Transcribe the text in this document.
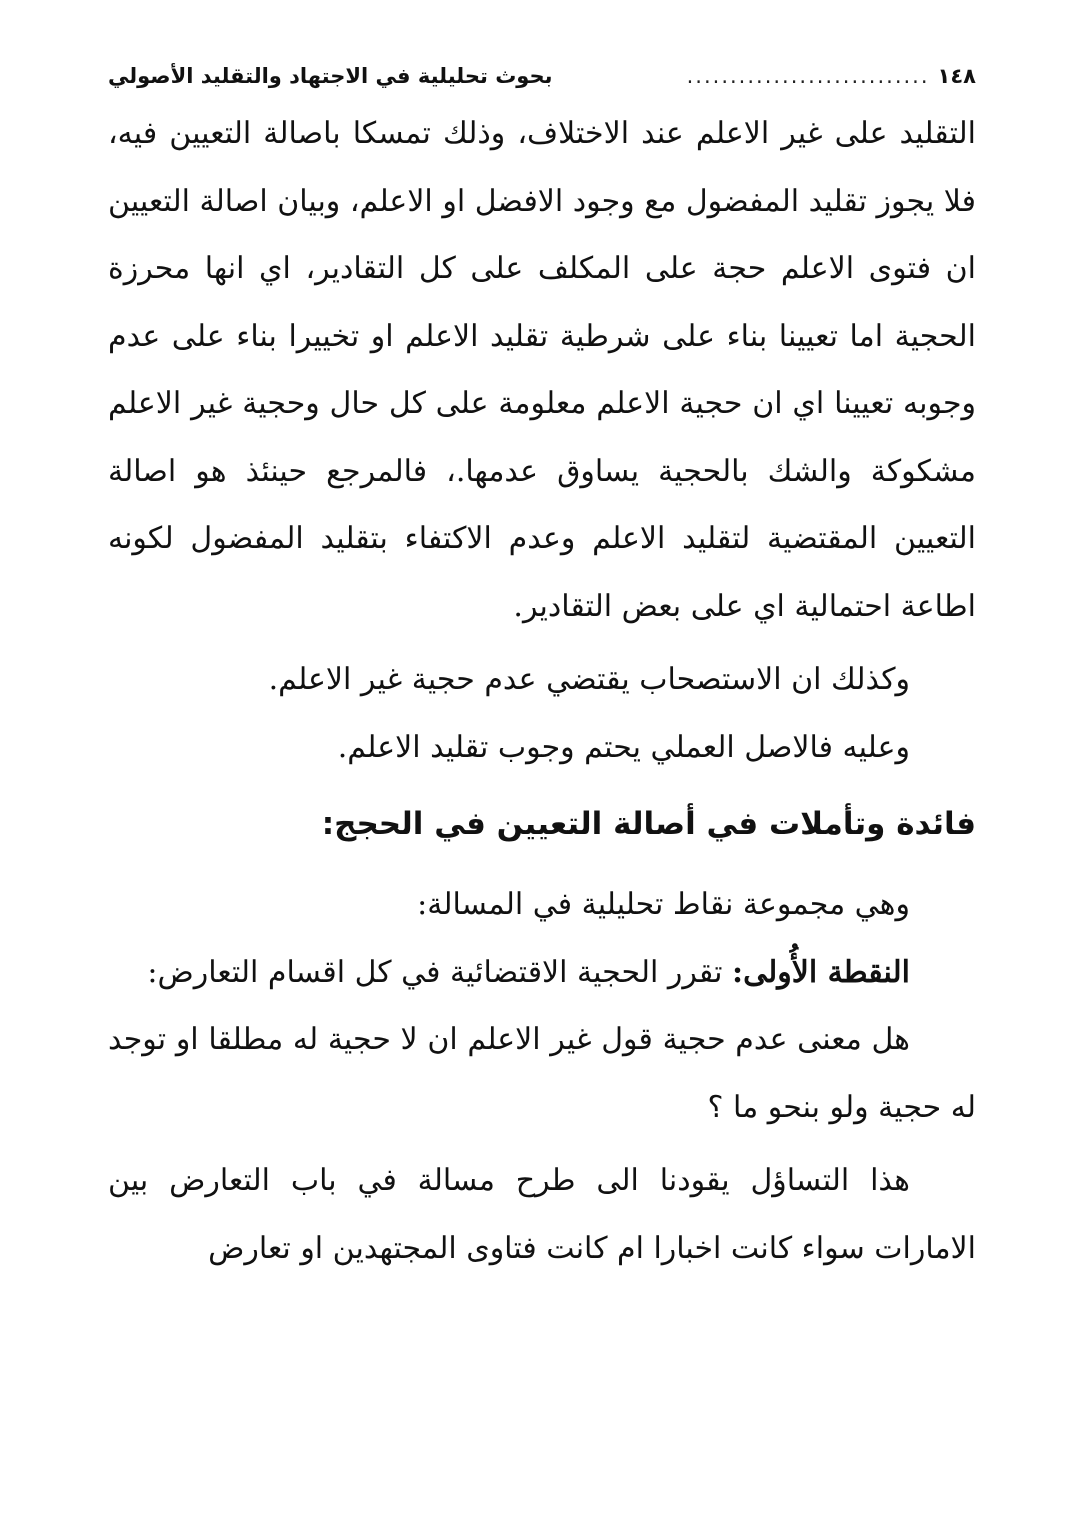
١٤٨
............................
بحوث تحليلية في الاجتهاد والتقليد الأصولي

التقليد على غير الاعلم عند الاختلاف، وذلك تمسكا باصالة التعيين فيه، فلا يجوز تقليد المفضول مع وجود الافضل او الاعلم، وبيان اصالة التعيين ان فتوى الاعلم حجة على المكلف على كل التقادير، اي انها محرزة الحجية اما تعيينا بناء على شرطية تقليد الاعلم او تخييرا بناء على عدم وجوبه تعيينا اي ان حجية الاعلم معلومة على كل حال وحجية غير الاعلم مشكوكة والشك بالحجية يساوق عدمها.، فالمرجع حينئذ هو اصالة التعيين المقتضية لتقليد الاعلم وعدم الاكتفاء بتقليد المفضول لكونه اطاعة احتمالية اي على بعض التقادير.

وكذلك ان الاستصحاب يقتضي عدم حجية غير الاعلم.

وعليه فالاصل العملي يحتم وجوب تقليد الاعلم.

فائدة وتأملات في أصالة التعيين في الحجج:

وهي مجموعة نقاط تحليلية في المسالة:

النقطة الأُولى: تقرر الحجية الاقتضائية في كل اقسام التعارض:

هل معنى عدم حجية قول غير الاعلم ان لا حجية له مطلقا او توجد له حجية ولو بنحو ما ؟

هذا التساؤل يقودنا الى طرح مسالة في باب التعارض بين الامارات سواء كانت اخبارا ام كانت فتاوى المجتهدين او تعارض
